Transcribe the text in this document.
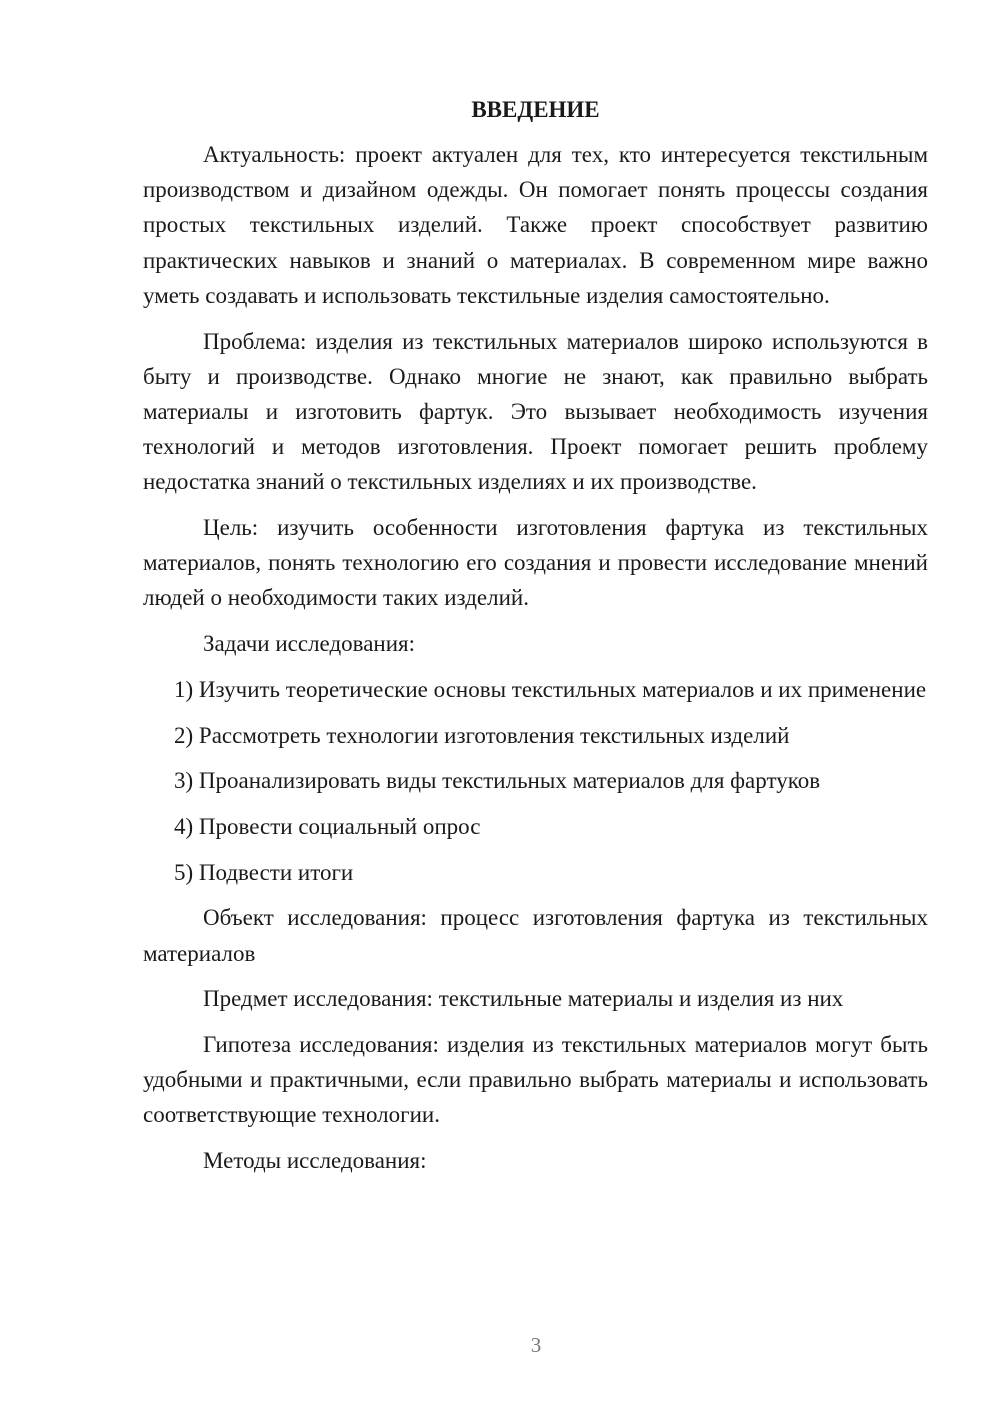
ВВЕДЕНИЕ

Актуальность: проект актуален для тех, кто интересуется текстильным производством и дизайном одежды. Он помогает понять процессы создания простых текстильных изделий. Также проект способствует развитию практических навыков и знаний о материалах. В современном мире важно уметь создавать и использовать текстильные изделия самостоятельно.

Проблема: изделия из текстильных материалов широко используются в быту и производстве. Однако многие не знают, как правильно выбрать материалы и изготовить фартук. Это вызывает необходимость изучения технологий и методов изготовления. Проект помогает решить проблему недостатка знаний о текстильных изделиях и их производстве.

Цель: изучить особенности изготовления фартука из текстильных материалов, понять технологию его создания и провести исследование мнений людей о необходимости таких изделий.

Задачи исследования:

1) Изучить теоретические основы текстильных материалов и их применение

2) Рассмотреть технологии изготовления текстильных изделий

3) Проанализировать виды текстильных материалов для фартуков

4) Провести социальный опрос

5) Подвести итоги

Объект исследования: процесс изготовления фартука из текстильных материалов

Предмет исследования: текстильные материалы и изделия из них

Гипотеза исследования: изделия из текстильных материалов могут быть удобными и практичными, если правильно выбрать материалы и использовать соответствующие технологии.

Методы исследования:

3
